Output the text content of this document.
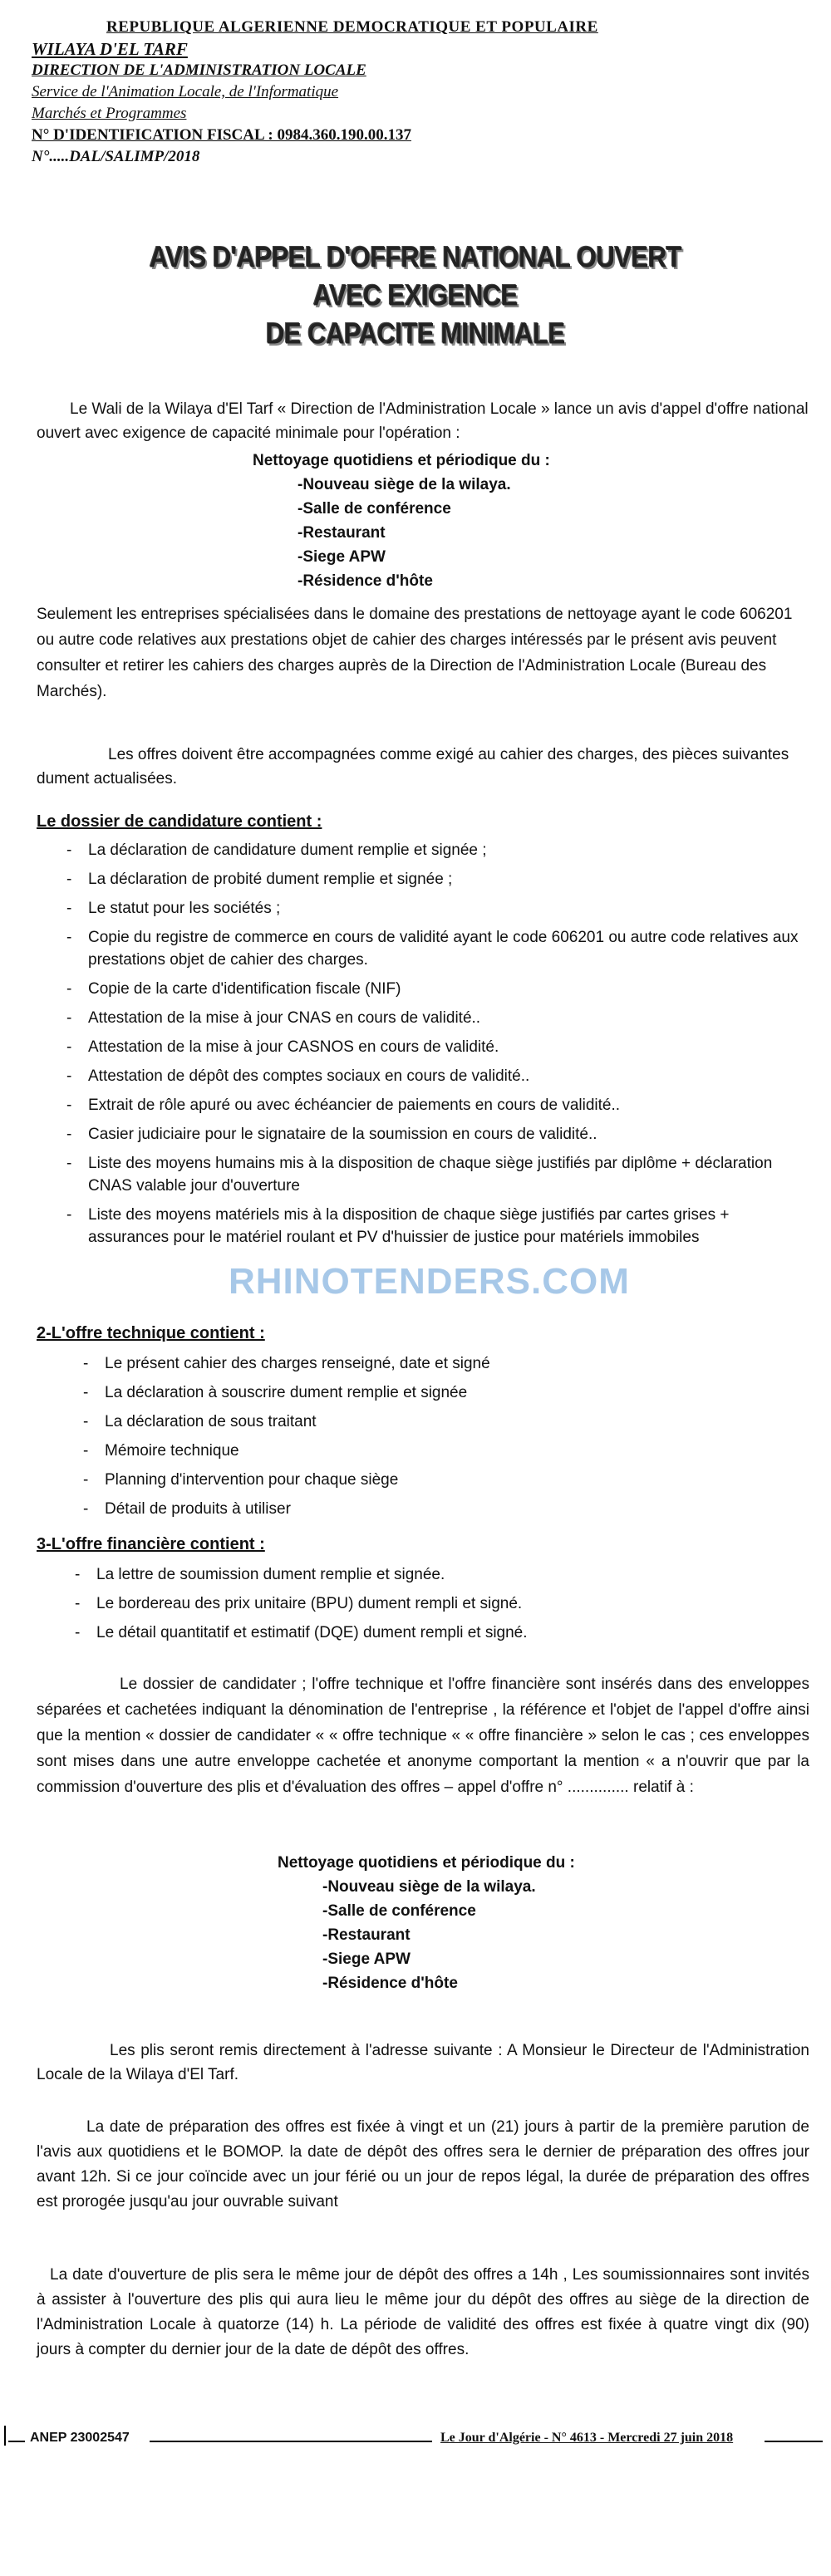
REPUBLIQUE ALGERIENNE DEMOCRATIQUE ET POPULAIRE
WILAYA D'EL TARF
DIRECTION DE L'ADMINISTRATION LOCALE
Service de l'Animation Locale, de l'Informatique
Marchés et Programmes
N° D'IDENTIFICATION FISCAL : 0984.360.190.00.137
N°.....DAL/SALIMP/2018
AVIS D'APPEL D'OFFRE NATIONAL OUVERT AVEC EXIGENCE
DE CAPACITE MINIMALE
Le Wali de la Wilaya d'El Tarf « Direction de l'Administration Locale » lance un avis d'appel d'offre national ouvert avec exigence de capacité minimale pour l'opération :
Nettoyage quotidiens et périodique du :
-Nouveau siège de la wilaya.
-Salle de conférence
-Restaurant
-Siege APW
-Résidence d'hôte
Seulement les entreprises spécialisées dans le domaine des prestations de nettoyage ayant le code 606201 ou autre code relatives aux prestations objet de cahier des charges intéressés par le présent avis peuvent consulter et retirer les cahiers des charges auprès de la Direction de l'Administration Locale (Bureau des Marchés).
Les offres doivent être accompagnées comme exigé au cahier des charges, des pièces suivantes dument actualisées.
Le dossier de candidature contient :
- La déclaration de candidature dument remplie et signée ;
- La déclaration de probité dument remplie et signée ;
- Le statut pour les sociétés ;
- Copie du registre de commerce en cours de validité ayant le code 606201 ou autre code relatives aux prestations objet de cahier des charges.
- Copie de la carte d'identification fiscale (NIF)
- Attestation de la mise à jour CNAS en cours de validité..
- Attestation de la mise à jour CASNOS en cours de validité.
- Attestation de dépôt des comptes sociaux en cours de validité..
- Extrait de rôle apuré ou avec échéancier de paiements en cours de validité..
- Casier judiciaire pour le signataire de la soumission en cours de validité..
- Liste des moyens humains mis à la disposition de chaque siège justifiés par diplôme + déclaration CNAS valable jour d'ouverture
- Liste des moyens matériels mis à la disposition de chaque siège justifiés par cartes grises + assurances pour le matériel roulant et PV d'huissier de justice pour matériels immobiles
2-L'offre technique contient :
- Le présent cahier des charges renseigné, date et signé
- La déclaration à souscrire dument remplie et signée
- La déclaration de sous traitant
- Mémoire technique
- Planning d'intervention pour chaque siège
- Détail de produits à utiliser
3-L'offre financière contient :
- La lettre de soumission dument remplie et signée.
- Le bordereau des prix unitaire (BPU) dument rempli et signé.
- Le détail quantitatif et estimatif (DQE) dument rempli et signé.
Le dossier de candidater ; l'offre technique et l'offre financière sont insérés dans des enveloppes séparées et cachetées indiquant la dénomination de l'entreprise , la référence et l'objet de l'appel d'offre ainsi que la mention « dossier de candidater « « offre technique « « offre financière » selon le cas ; ces enveloppes sont mises dans une autre enveloppe cachetée et anonyme comportant la mention « a n'ouvrir que par la commission d'ouverture des plis et d'évaluation des offres – appel d'offre n° .............. relatif à :
Nettoyage quotidiens et périodique du :
-Nouveau siège de la wilaya.
-Salle de conférence
-Restaurant
-Siege APW
-Résidence d'hôte
Les plis seront remis directement à l'adresse suivante : A Monsieur le Directeur de l'Administration Locale de la Wilaya d'El Tarf.
La date de préparation des offres est fixée à vingt et un (21) jours à partir de la première parution de l'avis aux quotidiens et le BOMOP. la date de dépôt des offres sera le dernier de préparation des offres jour avant 12h. Si ce jour coïncide avec un jour férié ou un jour de repos légal, la durée de préparation des offres est prorogée jusqu'au jour ouvrable suivant
La date d'ouverture de plis sera le même jour de dépôt des offres a 14h , Les soumissionnaires sont invités à assister à l'ouverture des plis qui aura lieu le même jour du dépôt des offres au siège de la direction de l'Administration Locale à quatorze (14) h. La période de validité des offres est fixée à quatre vingt dix (90) jours à compter du dernier jour de la date de dépôt des offres.
RHINOTENDERS.COM
ANEP 23002547	Le Jour d'Algérie - N° 4613 - Mercredi 27 juin 2018
